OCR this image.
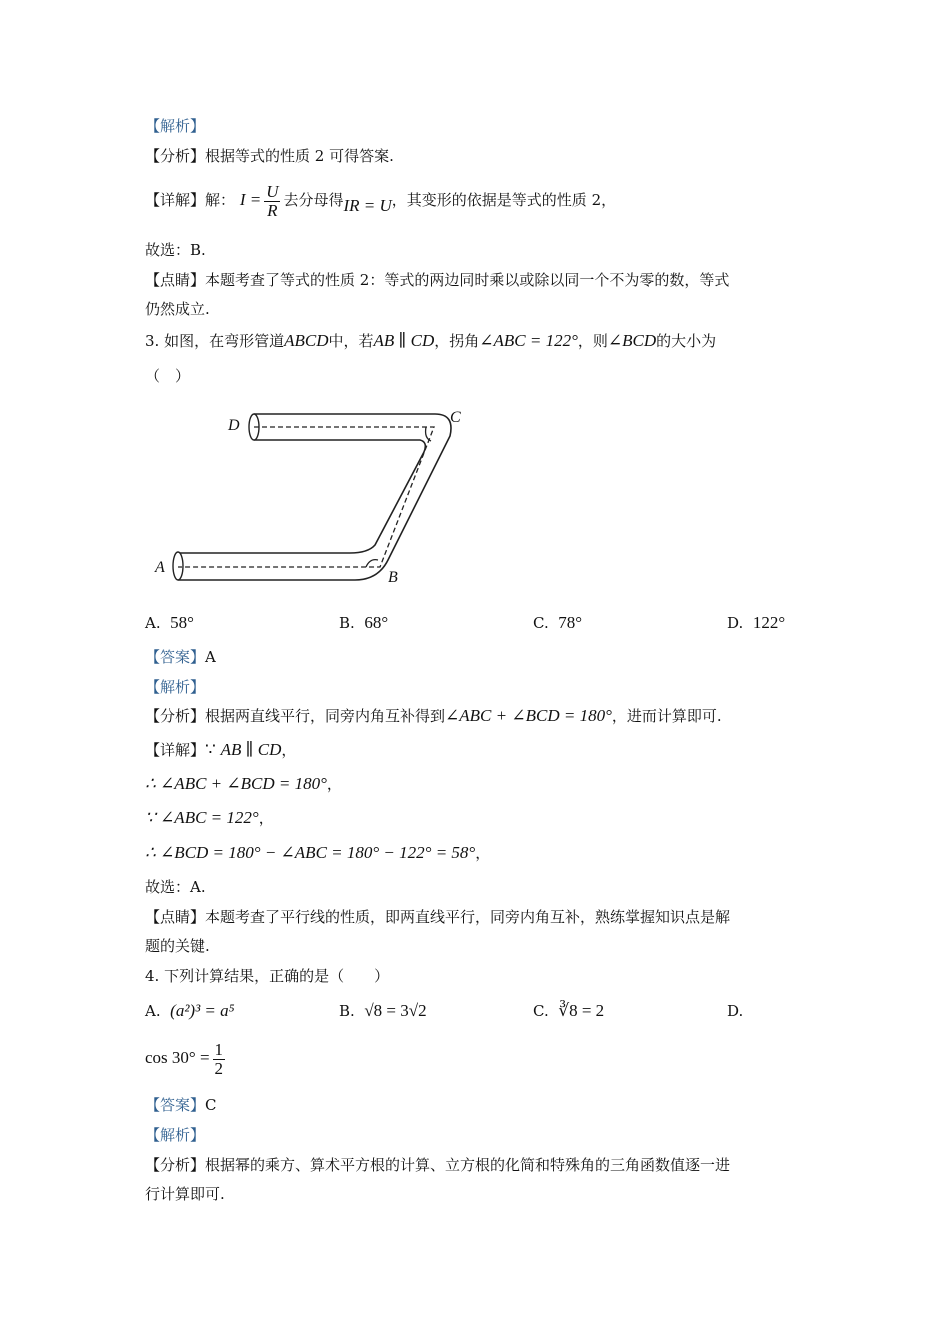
【解析】
【分析】根据等式的性质 2 可得答案.
【详解】解： $I = \frac{U}{R}$ 去分母得IR = U，其变形的依据是等式的性质 2，
故选：B.
【点睛】本题考查了等式的性质 2：等式的两边同时乘以或除以同一个不为零的数，等式
仍然成立.
3. 如图，在弯形管道ABCD中，若AB ∥ CD，拐角∠ABC = 122°，则∠BCD的大小为
（　）
D	C
A
B
A. 58°	B. 68°	C. 78°	D. 122°
【答案】A
【解析】
【分析】根据两直线平行，同旁内角互补得到∠ABC + ∠BCD = 180°，进而计算即可.
【详解】∵ AB ∥ CD，
∴ ∠ABC + ∠BCD = 180°，
∵ ∠ABC = 122°，
∴ ∠BCD = 180° − ∠ABC = 180° − 122° = 58°，
故选：A.
【点睛】本题考查了平行线的性质，即两直线平行，同旁内角互补，熟练掌握知识点是解
题的关键.
4. 下列计算结果，正确的是（　　）
A. (a²)³ = a⁵	B. √8 = 3√2	C. ∛8 = 2	D.
$\cos 30^\circ = \frac{1}{2}$
【答案】C
【解析】
【分析】根据幂的乘方、算术平方根的计算、立方根的化简和特殊角的三角函数值逐一进
行计算即可.
